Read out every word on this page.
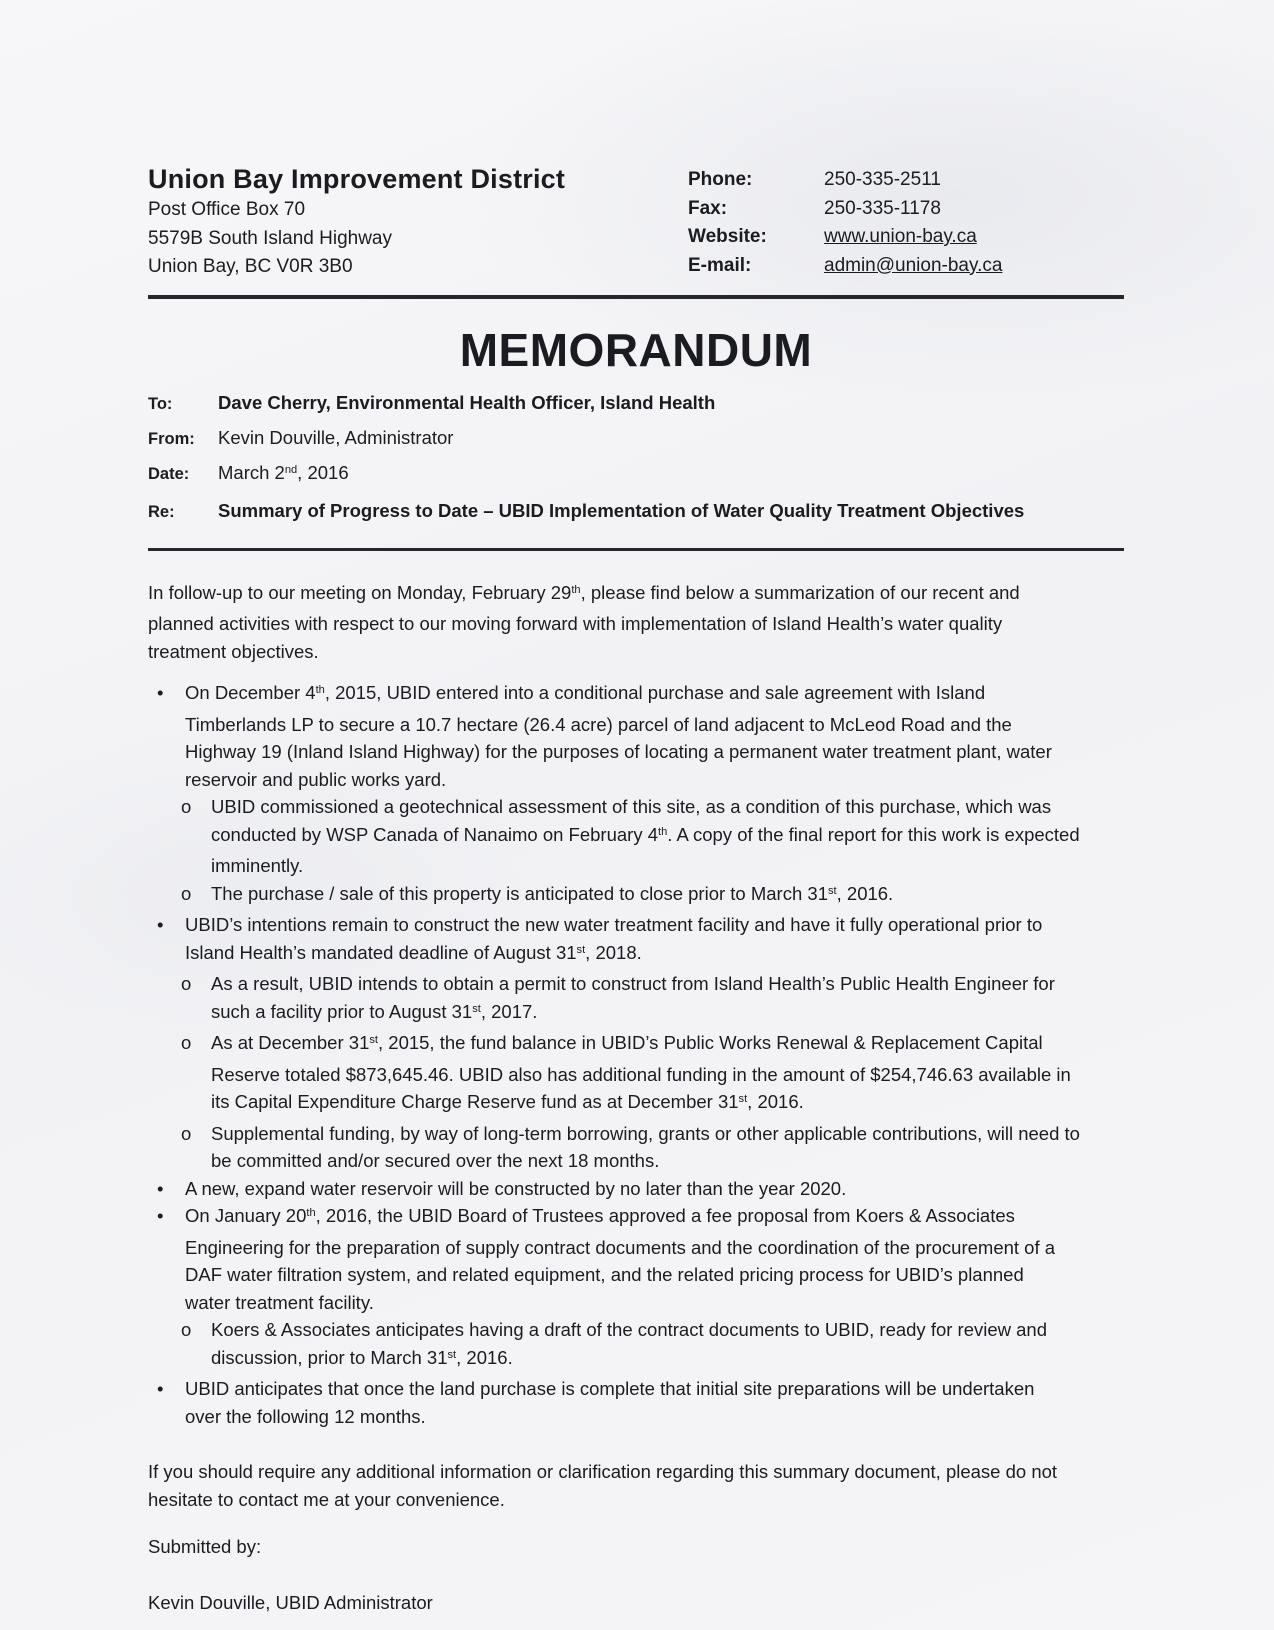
Union Bay Improvement District
Post Office Box 70
5579B South Island Highway
Union Bay, BC V0R 3B0
Phone:	250-335-2511
Fax:	250-335-1178
Website:	www.union-bay.ca
E-mail:	admin@union-bay.ca
MEMORANDUM
To:	Dave Cherry, Environmental Health Officer, Island Health
From:	Kevin Douville, Administrator
Date:	March 2nd, 2016
Re:	Summary of Progress to Date – UBID Implementation of Water Quality Treatment Objectives

In follow-up to our meeting on Monday, February 29th, please find below a summarization of our recent and planned activities with respect to our moving forward with implementation of Island Health’s water quality treatment objectives.

•	On December 4th, 2015, UBID entered into a conditional purchase and sale agreement with Island Timberlands LP to secure a 10.7 hectare (26.4 acre) parcel of land adjacent to McLeod Road and the Highway 19 (Inland Island Highway) for the purposes of locating a permanent water treatment plant, water reservoir and public works yard.
o	UBID commissioned a geotechnical assessment of this site, as a condition of this purchase, which was conducted by WSP Canada of Nanaimo on February 4th. A copy of the final report for this work is expected imminently.
o	The purchase / sale of this property is anticipated to close prior to March 31st, 2016.
•	UBID’s intentions remain to construct the new water treatment facility and have it fully operational prior to Island Health’s mandated deadline of August 31st, 2018.
o	As a result, UBID intends to obtain a permit to construct from Island Health’s Public Health Engineer for such a facility prior to August 31st, 2017.
o	As at December 31st, 2015, the fund balance in UBID’s Public Works Renewal & Replacement Capital Reserve totaled $873,645.46. UBID also has additional funding in the amount of $254,746.63 available in its Capital Expenditure Charge Reserve fund as at December 31st, 2016.
o	Supplemental funding, by way of long-term borrowing, grants or other applicable contributions, will need to be committed and/or secured over the next 18 months.
•	A new, expand water reservoir will be constructed by no later than the year 2020.
•	On January 20th, 2016, the UBID Board of Trustees approved a fee proposal from Koers & Associates Engineering for the preparation of supply contract documents and the coordination of the procurement of a DAF water filtration system, and related equipment, and the related pricing process for UBID’s planned water treatment facility.
o	Koers & Associates anticipates having a draft of the contract documents to UBID, ready for review and discussion, prior to March 31st, 2016.
•	UBID anticipates that once the land purchase is complete that initial site preparations will be undertaken over the following 12 months.

If you should require any additional information or clarification regarding this summary document, please do not hesitate to contact me at your convenience.

Submitted by:

Kevin Douville, UBID Administrator
